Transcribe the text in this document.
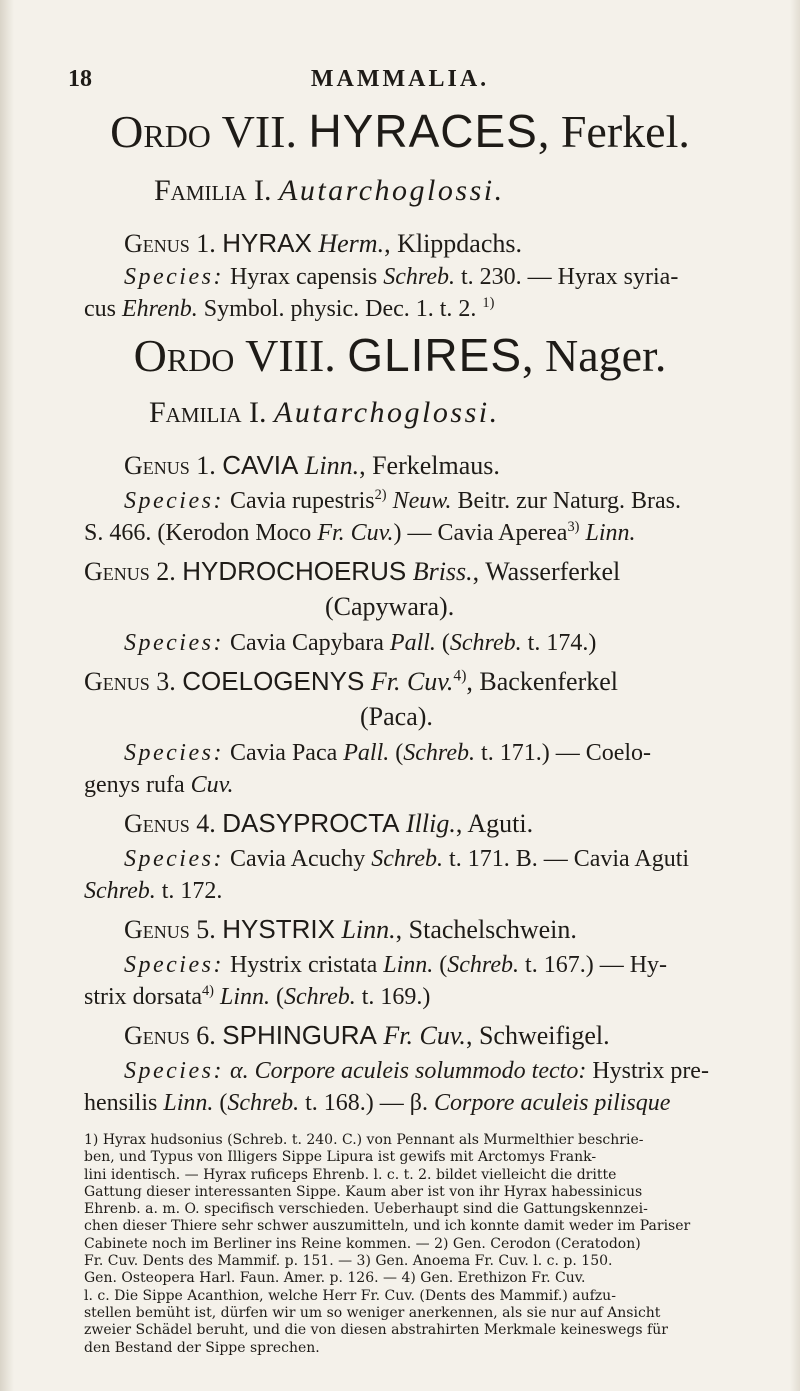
18	MAMMALIA.
Ordo VII. HYRACES, Ferkel.
Familia I. Autarchoglossi.
Genus 1. HYRAX Herm., Klippdachs.
Species: Hyrax capensis Schreb. t. 230. — Hyrax syria-
cus Ehrenb. Symbol. physic. Dec. 1. t. 2. $^{1)}$
Ordo VIII. GLIRES, Nager.
Familia I. Autarchoglossi.
Genus 1. CAVIA Linn., Ferkelmaus.
Species: Cavia rupestris$^{2)}$ Neuw. Beitr. zur Naturg. Bras.
S. 466. (Kerodon Moco Fr. Cuv.) — Cavia Aperea$^{3)}$ Linn.
Genus 2. HYDROCHOERUS Briss., Wasserferkel
(Capywara).
Species: Cavia Capybara Pall. (Schreb. t. 174.)
Genus 3. COELOGENYS Fr. Cuv.$^{4)}$, Backenferkel
(Paca).
Species: Cavia Paca Pall. (Schreb. t. 171.) — Coelo-
genys rufa Cuv.
Genus 4. DASYPROCTA Illig., Aguti.
Species: Cavia Acuchy Schreb. t. 171. B. — Cavia Aguti
Schreb. t. 172.
Genus 5. HYSTRIX Linn., Stachelschwein.
Species: Hystrix cristata Linn. (Schreb. t. 167.) — Hy-
strix dorsata$^{4)}$ Linn. (Schreb. t. 169.)
Genus 6. SPHINGURA Fr. Cuv., Schweifigel.
Species: α. Corpore aculeis solummodo tecto: Hystrix pre-
hensilis Linn. (Schreb. t. 168.) — β. Corpore aculeis pilisque
1) Hyrax hudsonius (Schreb. t. 240. C.) von Pennant als Murmelthier beschrie-
ben, und Typus von Illigers Sippe Lipura ist gewifs mit Arctomys Frank-
lini identisch. — Hyrax ruficeps Ehrenb. l. c. t. 2. bildet vielleicht die dritte
Gattung dieser interessanten Sippe. Kaum aber ist von ihr Hyrax habessinicus
Ehrenb. a. m. O. specifisch verschieden. Ueberhaupt sind die Gattungskennzei-
chen dieser Thiere sehr schwer auszumitteln, und ich konnte damit weder im Pariser
Cabinete noch im Berliner ins Reine kommen. — 2) Gen. Cerodon (Ceratodon)
Fr. Cuv. Dents des Mammif. p. 151. — 3) Gen. Anoema Fr. Cuv. l. c. p. 150.
Gen. Osteopera Harl. Faun. Amer. p. 126. — 4) Gen. Erethizon Fr. Cuv.
l. c. Die Sippe Acanthion, welche Herr Fr. Cuv. (Dents des Mammif.) aufzu-
stellen bemüht ist, dürfen wir um so weniger anerkennen, als sie nur auf Ansicht
zweier Schädel beruht, und die von diesen abstrahirten Merkmale keineswegs für
den Bestand der Sippe sprechen.
